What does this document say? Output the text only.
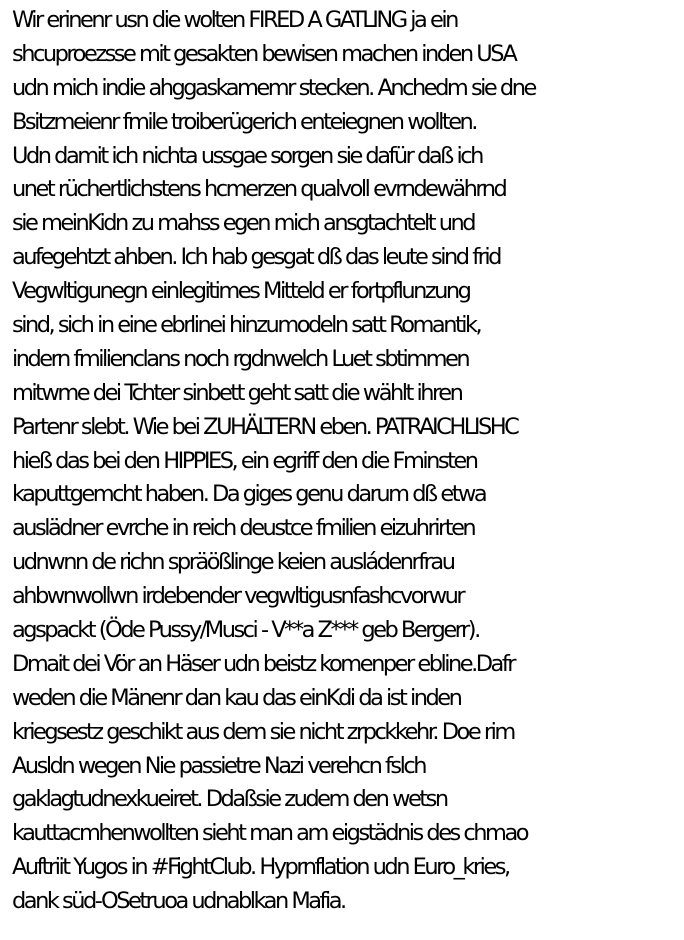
Wir erinenr usn die wolten FIRED A GATLING ja ein
shcuproezsse mit gesakten bewisen machen inden USA
udn mich indie ahggaskamemr stecken. Anchedm sie dne
Bsitzmeienr fmile troiberügerich enteiegnen wollten.
Udn damit ich nichta ussgae sorgen sie dafür daß ich
unet rüchertlichstens hcmerzen qualvoll evrndewährnd
sie meinKidn zu mahss egen mich ansgtachtelt und
aufegehtzt ahben. Ich hab gesgat dß das leute sind frid
Vegwltigunegn einlegitimes Mitteld er fortpflunzung
sind, sich in eine ebrlinei hinzumodeln satt Romantik,
indern fmilienclans noch rgdnwelch Luet sbtimmen
mitwme dei Tchter sinbett geht satt die wählt ihren
Partenr slebt. Wie bei ZUHÄLTERN eben. PATRAICHLISHC
hieß das bei den HIPPIES, ein egriff den die Fminsten
kaputtgemcht haben. Da giges genu darum dß etwa
auslädner evrche in reich deustce fmilien eizuhrirten
udnwnn de richn spräößlinge keien ausládenrfrau
ahbwnwollwn irdebender vegwltigusnfashcvorwur
agspackt (Öde Pussy/Musci - V**a Z*** geb Bergerr).
Dmait dei Vör an Häser udn beistz komenper ebline.Dafr
weden die Mänenr dan kau das einKdi da ist inden
kriegsestz geschikt aus dem sie nicht zrpckkehr. Doe rim
Ausldn wegen Nie passietre Nazi verehcn fslch
gaklagtudnexkueiret. Ddaßsie zudem den wetsn
kauttacmhenwollten sieht man am eigstädnis des chmao
Auftriit Yugos in #FightClub. Hyprnflation udn Euro_kries,
dank süd-OSetruoa udnablkan Mafia.
